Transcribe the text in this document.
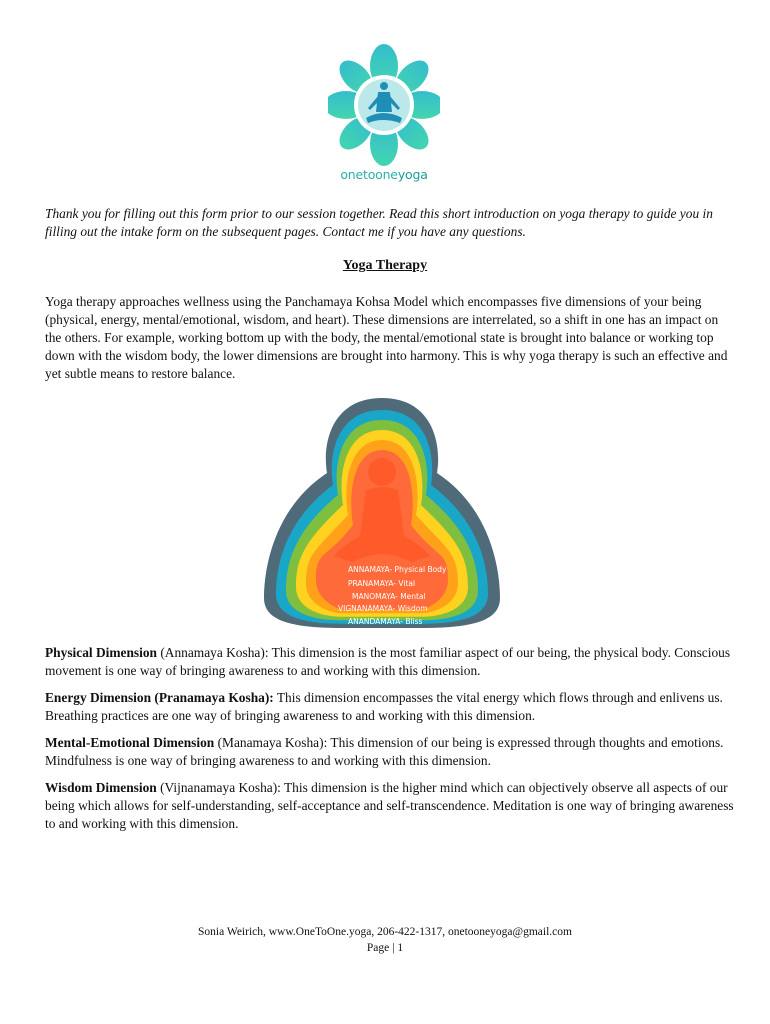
onetooneyoga
Thank you for filling out this form prior to our session together. Read this short introduction on yoga therapy to guide you in filling out the intake form on the subsequent pages. Contact me if you have any questions.
Yoga Therapy
Yoga therapy approaches wellness using the Panchamaya Kohsa Model which encompasses five dimensions of your being (physical, energy, mental/emotional, wisdom, and heart). These dimensions are interrelated, so a shift in one has an impact on the others. For example, working bottom up with the body, the mental/emotional state is brought into balance or working top down with the wisdom body, the lower dimensions are brought into harmony. This is why yoga therapy is such an effective and yet subtle means to restore balance.
ANNAMAYA- Physical Body
PRANAMAYA- Vital
MANOMAYA- Mental
VIGNANAMAYA- Wisdom
ANANDAMAYA- Bliss
Physical Dimension (Annamaya Kosha): This dimension is the most familiar aspect of our being, the physical body. Conscious movement is one way of bringing awareness to and working with this dimension.
Energy Dimension (Pranamaya Kosha): This dimension encompasses the vital energy which flows through and enlivens us. Breathing practices are one way of bringing awareness to and working with this dimension.
Mental-Emotional Dimension (Manamaya Kosha): This dimension of our being is expressed through thoughts and emotions. Mindfulness is one way of bringing awareness to and working with this dimension.
Wisdom Dimension (Vijnanamaya Kosha): This dimension is the higher mind which can objectively observe all aspects of our being which allows for self-understanding, self-acceptance and self-transcendence. Meditation is one way of bringing awareness to and working with this dimension.
Sonia Weirich, www.OneToOne.yoga, 206-422-1317, onetooneyoga@gmail.com
Page | 1
